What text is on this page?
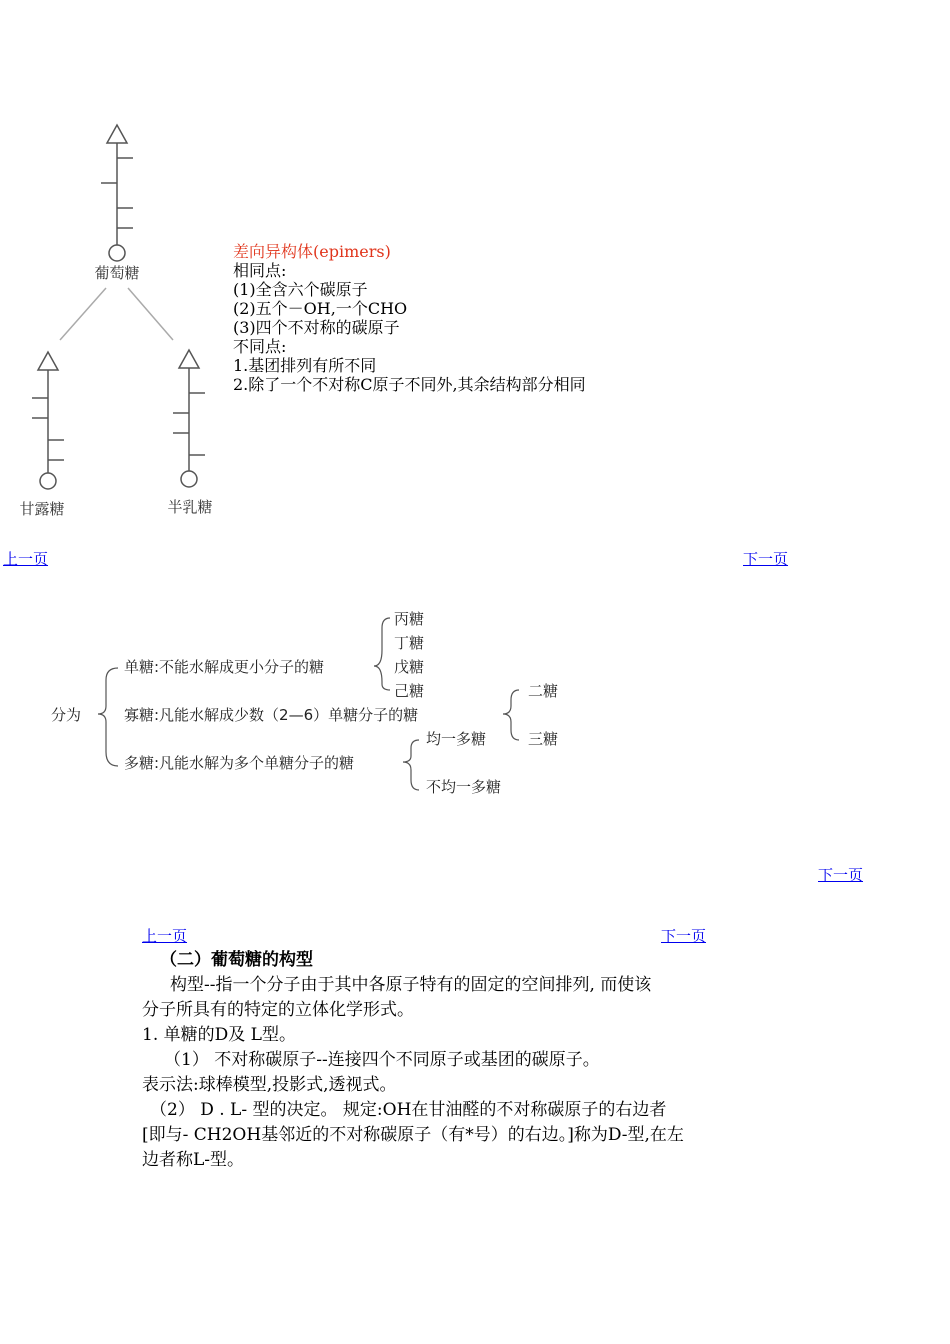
葡萄糖
甘露糖	半乳糖
差向异构体(epimers)
相同点:
(1)全含六个碳原子
(2)五个－OH,一个CHO
(3)四个不对称的碳原子
不同点:
1.基团排列有所不同
2.除了一个不对称C原子不同外,其余结构部分相同
上一页	下一页
分为
单糖:不能水解成更小分子的糖
寡糖:凡能水解成少数（2—6）单糖分子的糖
多糖:凡能水解为多个单糖分子的糖
丙糖
丁糖
戊糖
己糖	二糖
三糖
均一多糖
不均一多糖
下一页
上一页	下一页

（二）葡萄糖的构型

构型--指一个分子由于其中各原子特有的固定的空间排列, 而使该

分子所具有的特定的立体化学形式。

1. 单糖的D及 L型。

（1） 不对称碳原子--连接四个不同原子或基团的碳原子。

表示法:球棒模型,投影式,透视式。

（2） D . L- 型的决定。 规定:OH在甘油醛的不对称碳原子的右边者

[即与- CH2OH基邻近的不对称碳原子（有*号）的右边。]称为D-型,在左

边者称L-型。
